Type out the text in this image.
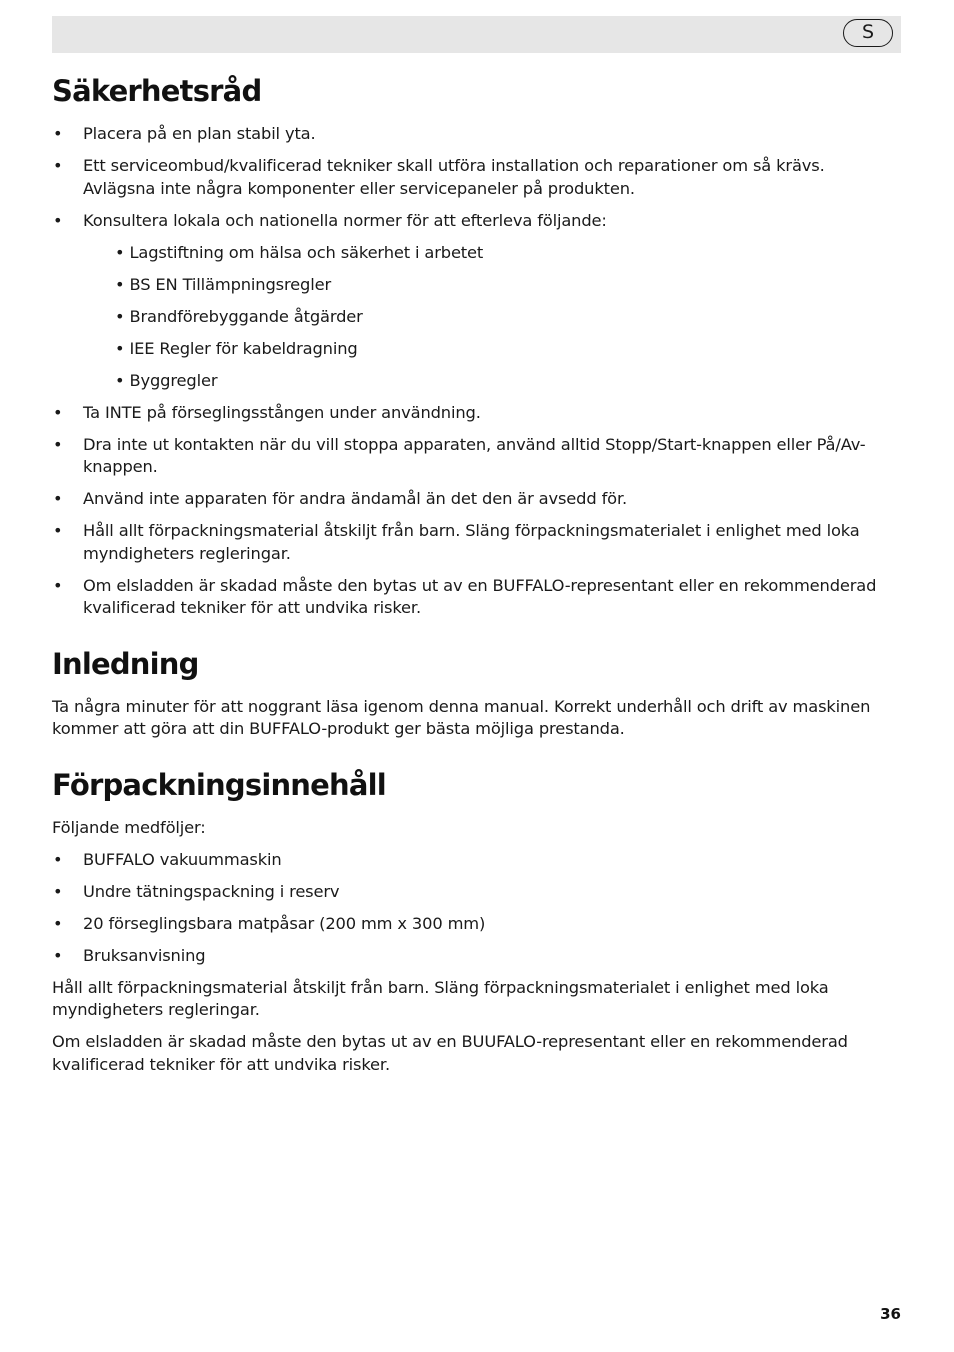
S
Säkerhetsråd
• Placera på en plan stabil yta.
• Ett serviceombud/kvalificerad tekniker skall utföra installation och reparationer om så krävs. Avlägsna inte några komponenter eller servicepaneler på produkten.
• Konsultera lokala och nationella normer för att efterleva följande:
• Lagstiftning om hälsa och säkerhet i arbetet
• BS EN Tillämpningsregler
• Brandförebyggande åtgärder
• IEE Regler för kabeldragning
• Byggregler
• Ta INTE på förseglingsstången under användning.
• Dra inte ut kontakten när du vill stoppa apparaten, använd alltid Stopp/Start-knappen eller På/Av-knappen.
• Använd inte apparaten för andra ändamål än det den är avsedd för.
• Håll allt förpackningsmaterial åtskiljt från barn. Släng förpackningsmaterialet i enlighet med loka myndigheters regleringar.
• Om elsladden är skadad måste den bytas ut av en BUFFALO-representant eller en rekommenderad kvalificerad tekniker för att undvika risker.
Inledning

Ta några minuter för att noggrant läsa igenom denna manual. Korrekt underhåll och drift av maskinen kommer att göra att din BUFFALO-produkt ger bästa möjliga prestanda.

Förpackningsinnehåll

Följande medföljer:

• BUFFALO vakuummaskin
• Undre tätningspackning i reserv
• 20 förseglingsbara matpåsar (200 mm x 300 mm)
• Bruksanvisning

Håll allt förpackningsmaterial åtskiljt från barn. Släng förpackningsmaterialet i enlighet med loka myndigheters regleringar.

Om elsladden är skadad måste den bytas ut av en BUUFALO-representant eller en rekommenderad kvalificerad tekniker för att undvika risker.

36
